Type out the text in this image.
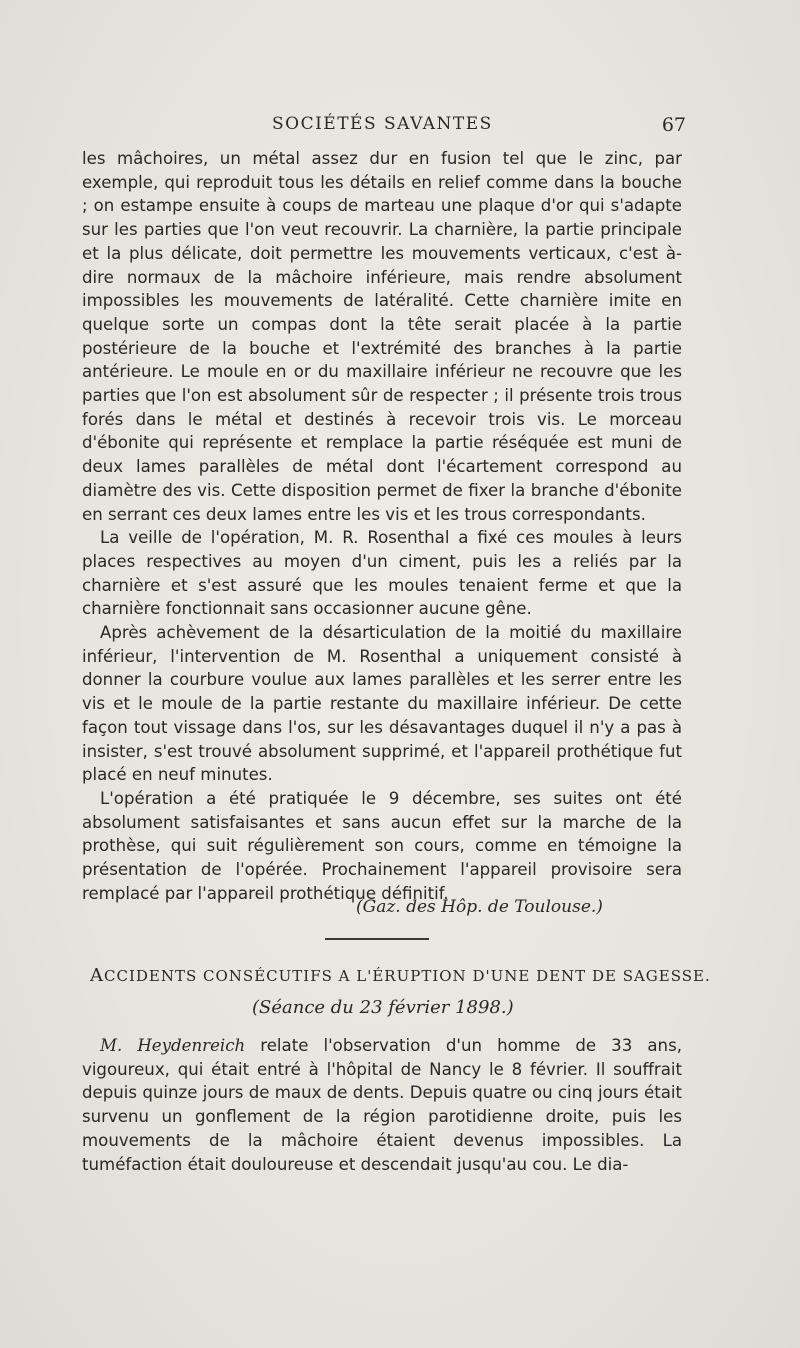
SOCIÉTÉS SAVANTES	67

les mâchoires, un métal assez dur en fusion tel que le zinc, par exemple, qui reproduit tous les détails en relief comme dans la bouche ; on estampe ensuite à coups de marteau une plaque d'or qui s'adapte sur les parties que l'on veut recouvrir. La charnière, la partie principale et la plus délicate, doit permettre les mouvements verticaux, c'est à-dire normaux de la mâchoire inférieure, mais rendre absolument impossibles les mouvements de latéralité. Cette charnière imite en quelque sorte un compas dont la tête serait placée à la partie postérieure de la bouche et l'extrémité des branches à la partie antérieure. Le moule en or du maxillaire inférieur ne recouvre que les parties que l'on est absolument sûr de respecter ; il présente trois trous forés dans le métal et destinés à recevoir trois vis. Le morceau d'ébonite qui représente et remplace la partie réséquée est muni de deux lames parallèles de métal dont l'écartement correspond au diamètre des vis. Cette disposition permet de fixer la branche d'ébonite en serrant ces deux lames entre les vis et les trous correspondants.

La veille de l'opération, M. R. Rosenthal a fixé ces moules à leurs places respectives au moyen d'un ciment, puis les a reliés par la charnière et s'est assuré que les moules tenaient ferme et que la charnière fonctionnait sans occasionner aucune gêne.

Après achèvement de la désarticulation de la moitié du maxillaire inférieur, l'intervention de M. Rosenthal a uniquement consisté à donner la courbure voulue aux lames parallèles et les serrer entre les vis et le moule de la partie restante du maxillaire inférieur. De cette façon tout vissage dans l'os, sur les désavantages duquel il n'y a pas à insister, s'est trouvé absolument supprimé, et l'appareil prothétique fut placé en neuf minutes.

L'opération a été pratiquée le 9 décembre, ses suites ont été absolument satisfaisantes et sans aucun effet sur la marche de la prothèse, qui suit régulièrement son cours, comme en témoigne la présentation de l'opérée. Prochainement l'appareil provisoire sera remplacé par l'appareil prothétique définitif.

(Gaz. des Hôp. de Toulouse.)
ACCIDENTS CONSÉCUTIFS A L'ÉRUPTION D'UNE DENT DE SAGESSE.
(Séance du 23 février 1898.)

M. Heydenreich relate l'observation d'un homme de 33 ans, vigoureux, qui était entré à l'hôpital de Nancy le 8 février. Il souffrait depuis quinze jours de maux de dents. Depuis quatre ou cinq jours était survenu un gonflement de la région parotidienne droite, puis les mouvements de la mâchoire étaient devenus impossibles. La tuméfaction était douloureuse et descendait jusqu'au cou. Le dia-
